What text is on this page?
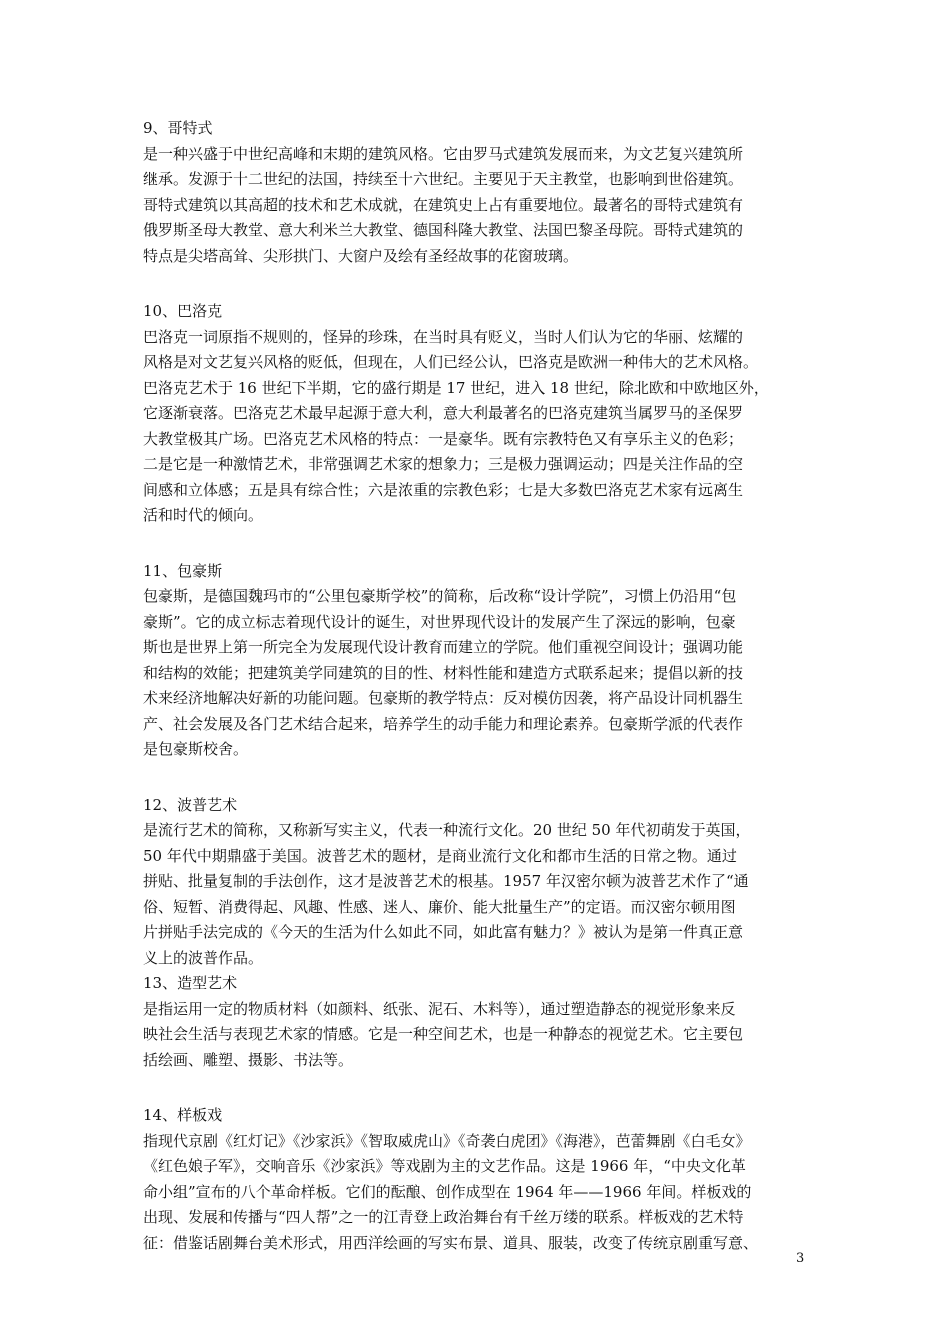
9、哥特式
是一种兴盛于中世纪高峰和末期的建筑风格。它由罗马式建筑发展而来，为文艺复兴建筑所
继承。发源于十二世纪的法国，持续至十六世纪。主要见于天主教堂，也影响到世俗建筑。
哥特式建筑以其高超的技术和艺术成就，在建筑史上占有重要地位。最著名的哥特式建筑有
俄罗斯圣母大教堂、意大利米兰大教堂、德国科隆大教堂、法国巴黎圣母院。哥特式建筑的
特点是尖塔高耸、尖形拱门、大窗户及绘有圣经故事的花窗玻璃。
10、巴洛克
巴洛克一词原指不规则的，怪异的珍珠，在当时具有贬义，当时人们认为它的华丽、炫耀的
风格是对文艺复兴风格的贬低，但现在，人们已经公认，巴洛克是欧洲一种伟大的艺术风格。
巴洛克艺术于 16 世纪下半期，它的盛行期是 17 世纪，进入 18 世纪，除北欧和中欧地区外，
它逐渐衰落。巴洛克艺术最早起源于意大利，意大利最著名的巴洛克建筑当属罗马的圣保罗
大教堂极其广场。巴洛克艺术风格的特点：一是豪华。既有宗教特色又有享乐主义的色彩；
二是它是一种激情艺术，非常强调艺术家的想象力；三是极力强调运动；四是关注作品的空
间感和立体感；五是具有综合性；六是浓重的宗教色彩；七是大多数巴洛克艺术家有远离生
活和时代的倾向。
11、包豪斯
包豪斯，是德国魏玛市的“公里包豪斯学校”的简称，后改称“设计学院”，习惯上仍沿用“包
豪斯”。它的成立标志着现代设计的诞生，对世界现代设计的发展产生了深远的影响，包豪
斯也是世界上第一所完全为发展现代设计教育而建立的学院。他们重视空间设计；强调功能
和结构的效能；把建筑美学同建筑的目的性、材料性能和建造方式联系起来；提倡以新的技
术来经济地解决好新的功能问题。包豪斯的教学特点：反对模仿因袭，将产品设计同机器生
产、社会发展及各门艺术结合起来，培养学生的动手能力和理论素养。包豪斯学派的代表作
是包豪斯校舍。
12、波普艺术
是流行艺术的简称，又称新写实主义，代表一种流行文化。20 世纪 50 年代初萌发于英国，
50 年代中期鼎盛于美国。波普艺术的题材，是商业流行文化和都市生活的日常之物。通过
拼贴、批量复制的手法创作，这才是波普艺术的根基。1957 年汉密尔顿为波普艺术作了“通
俗、短暂、消费得起、风趣、性感、迷人、廉价、能大批量生产”的定语。而汉密尔顿用图
片拼贴手法完成的《今天的生活为什么如此不同，如此富有魅力？》被认为是第一件真正意
义上的波普作品。
13、造型艺术
是指运用一定的物质材料（如颜料、纸张、泥石、木料等），通过塑造静态的视觉形象来反
映社会生活与表现艺术家的情感。它是一种空间艺术，也是一种静态的视觉艺术。它主要包
括绘画、雕塑、摄影、书法等。
14、样板戏
指现代京剧《红灯记》《沙家浜》《智取威虎山》《奇袭白虎团》《海港》，芭蕾舞剧《白毛女》
《红色娘子军》，交响音乐《沙家浜》等戏剧为主的文艺作品。这是 1966 年，“中央文化革
命小组”宣布的八个革命样板。它们的酝酿、创作成型在 1964 年——1966 年间。样板戏的
出现、发展和传播与“四人帮”之一的江青登上政治舞台有千丝万缕的联系。样板戏的艺术特
征：借鉴话剧舞台美术形式，用西洋绘画的写实布景、道具、服装，改变了传统京剧重写意、
3
